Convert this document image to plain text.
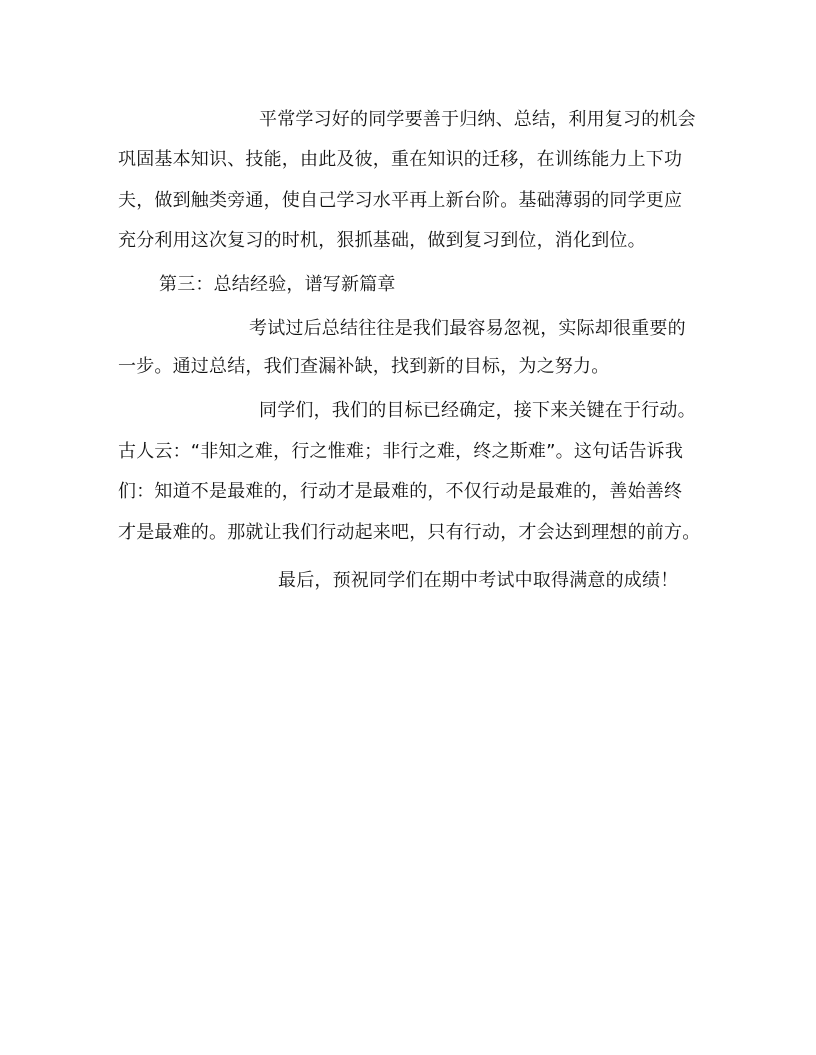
平常学习好的同学要善于归纳、总结，利用复习的机会
巩固基本知识、技能，由此及彼，重在知识的迁移，在训练能力上下功
夫，做到触类旁通，使自己学习水平再上新台阶。基础薄弱的同学更应
充分利用这次复习的时机，狠抓基础，做到复习到位，消化到位。
第三：总结经验，谱写新篇章
考试过后总结往往是我们最容易忽视，实际却很重要的
一步。通过总结，我们查漏补缺，找到新的目标，为之努力。
同学们，我们的目标已经确定，接下来关键在于行动。
古人云：“非知之难，行之惟难；非行之难，终之斯难”。这句话告诉我
们：知道不是最难的，行动才是最难的，不仅行动是最难的，善始善终
才是最难的。那就让我们行动起来吧，只有行动，才会达到理想的前方。
最后，预祝同学们在期中考试中取得满意的成绩！
